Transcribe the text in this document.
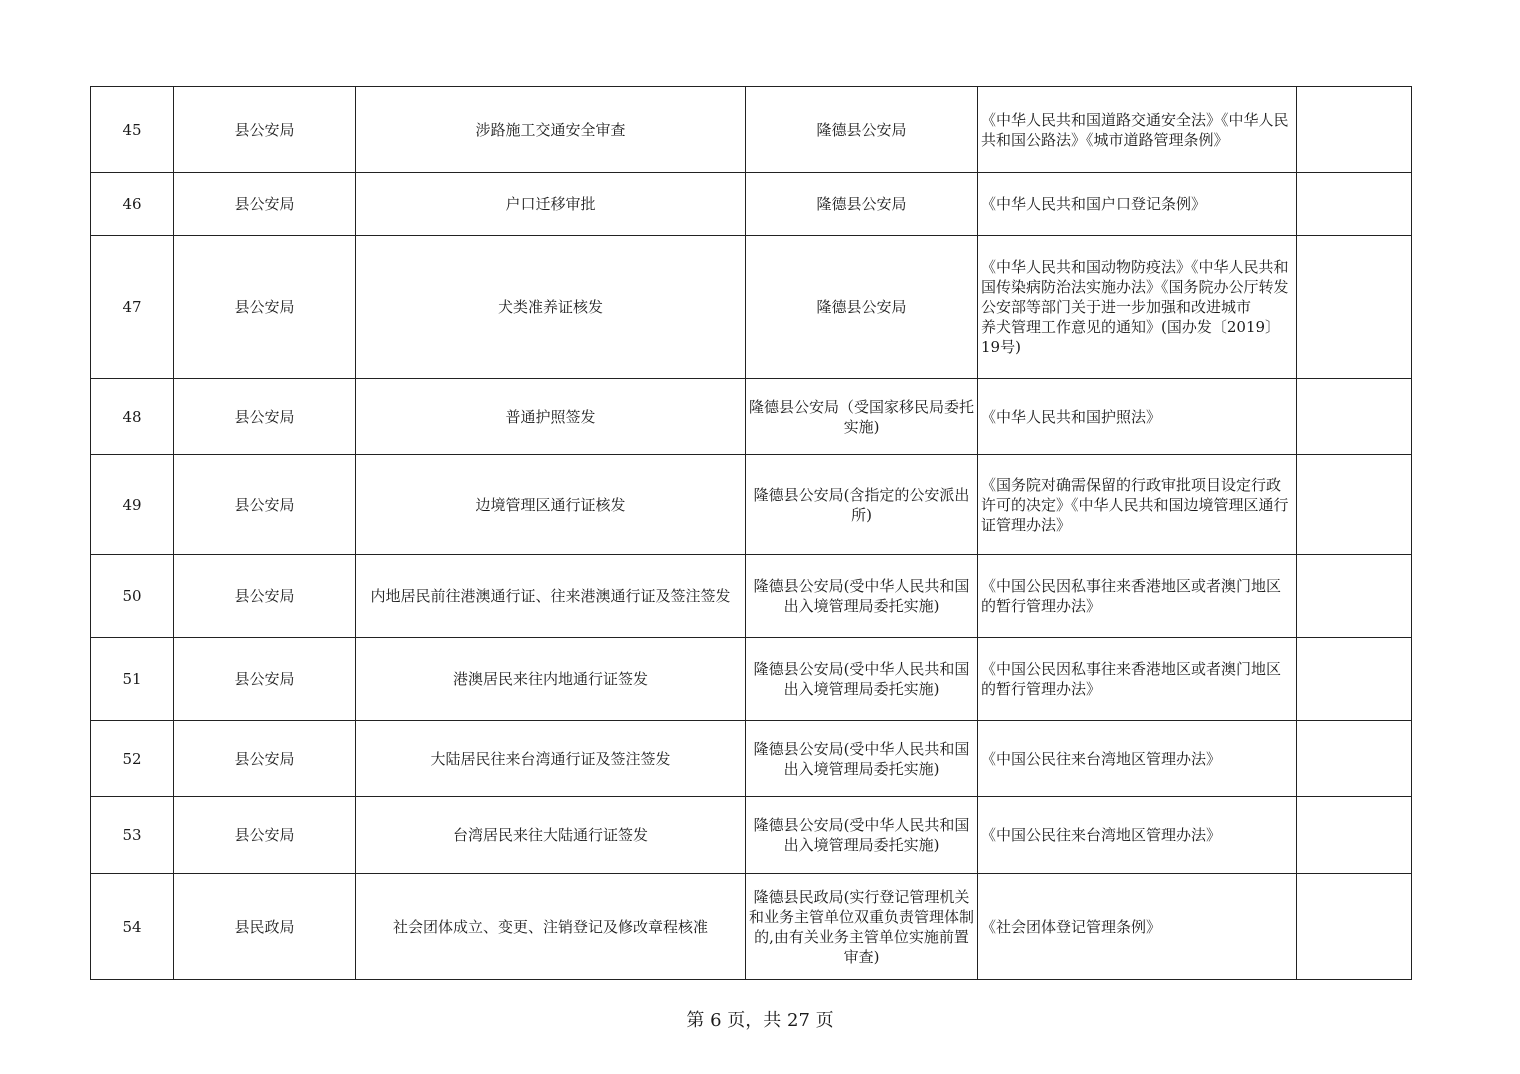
45	县公安局	涉路施工交通安全审查	隆德县公安局	《中华人民共和国道路交通安全法》《中华人民共和国公路法》《城市道路管理条例》	
46	县公安局	户口迁移审批	隆德县公安局	《中华人民共和国户口登记条例》	
47	县公安局	犬类准养证核发	隆德县公安局	《中华人民共和国动物防疫法》《中华人民共和国传染病防治法实施办法》《国务院办公厅转发公安部等部门关于进一步加强和改进城市
养犬管理工作意见的通知》(国办发〔2019〕19号)	
48	县公安局	普通护照签发	隆德县公安局（受国家移民局委托实施)	《中华人民共和国护照法》	
49	县公安局	边境管理区通行证核发	隆德县公安局(含指定的公安派出所)	《国务院对确需保留的行政审批项目设定行政许可的决定》《中华人民共和国边境管理区通行证管理办法》	
50	县公安局	内地居民前往港澳通行证、往来港澳通行证及签注签发	隆德县公安局(受中华人民共和国出入境管理局委托实施)	《中国公民因私事往来香港地区或者澳门地区的暂行管理办法》	
51	县公安局	港澳居民来往内地通行证签发	隆德县公安局(受中华人民共和国出入境管理局委托实施)	《中国公民因私事往来香港地区或者澳门地区的暂行管理办法》	
52	县公安局	大陆居民往来台湾通行证及签注签发	隆德县公安局(受中华人民共和国出入境管理局委托实施)	《中国公民往来台湾地区管理办法》	
53	县公安局	台湾居民来往大陆通行证签发	隆德县公安局(受中华人民共和国出入境管理局委托实施)	《中国公民往来台湾地区管理办法》	
54	县民政局	社会团体成立、变更、注销登记及修改章程核准	隆德县民政局(实行登记管理机关和业务主管单位双重负责管理体制的,由有关业务主管单位实施前置审查)	《社会团体登记管理条例》	
第 6 页，共 27 页
